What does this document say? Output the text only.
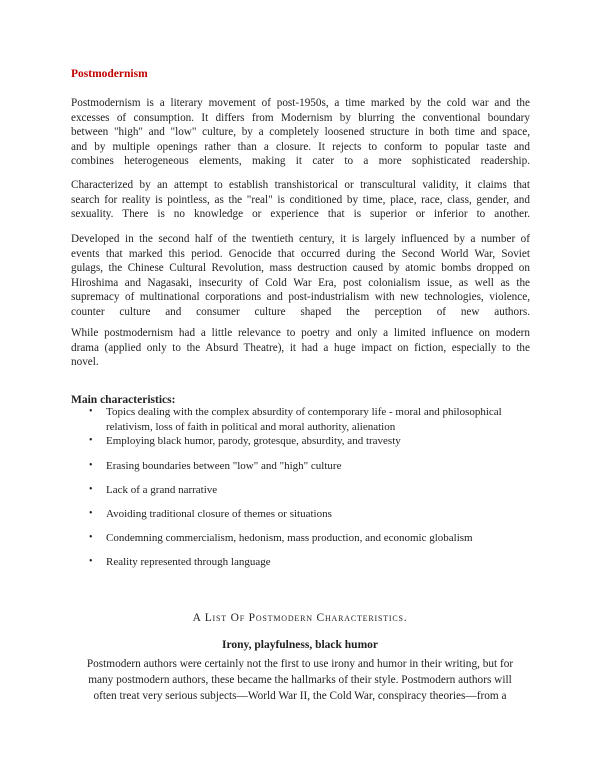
Postmodernism

Postmodernism is a literary movement of post-1950s, a time marked by the cold war and the

excesses of consumption. It differs from Modernism by blurring the conventional boundary

between "high" and "low" culture, by a completely loosened structure in both time and space,

and by multiple openings rather than a closure. It rejects to conform to popular taste and

combines heterogeneous elements, making it cater to a more sophisticated readership.

Characterized by an attempt to establish transhistorical or transcultural validity, it claims that

search for reality is pointless, as the "real" is conditioned by time, place, race, class, gender, and

sexuality. There is no knowledge or experience that is superior or inferior to another.

Developed in the second half of the twentieth century, it is largely influenced by a number of

events that marked this period. Genocide that occurred during the Second World War, Soviet

gulags, the Chinese Cultural Revolution, mass destruction caused by atomic bombs dropped on

Hiroshima and Nagasaki, insecurity of Cold War Era, post colonialism issue, as well as the

supremacy of multinational corporations and post-industrialism with new technologies, violence,

counter culture and consumer culture shaped the perception of new authors.

While postmodernism had a little relevance to poetry and only a limited influence on modern

drama (applied only to the Absurd Theatre), it had a huge impact on fiction, especially to the

novel.

Main characteristics:
• Topics dealing with the complex absurdity of contemporary life - moral and philosophical
relativism, loss of faith in political and moral authority, alienation
• Employing black humor, parody, grotesque, absurdity, and travesty
• Erasing boundaries between "low" and "high" culture
• Lack of a grand narrative
• Avoiding traditional closure of themes or situations
• Condemning commercialism, hedonism, mass production, and economic globalism
• Reality represented through language
A List Of Postmodern Characteristics.
Irony, playfulness, black humor
Postmodern authors were certainly not the first to use irony and humor in their writing, but for
many postmodern authors, these became the hallmarks of their style. Postmodern authors will
often treat very serious subjects—World War II, the Cold War, conspiracy theories—from a
